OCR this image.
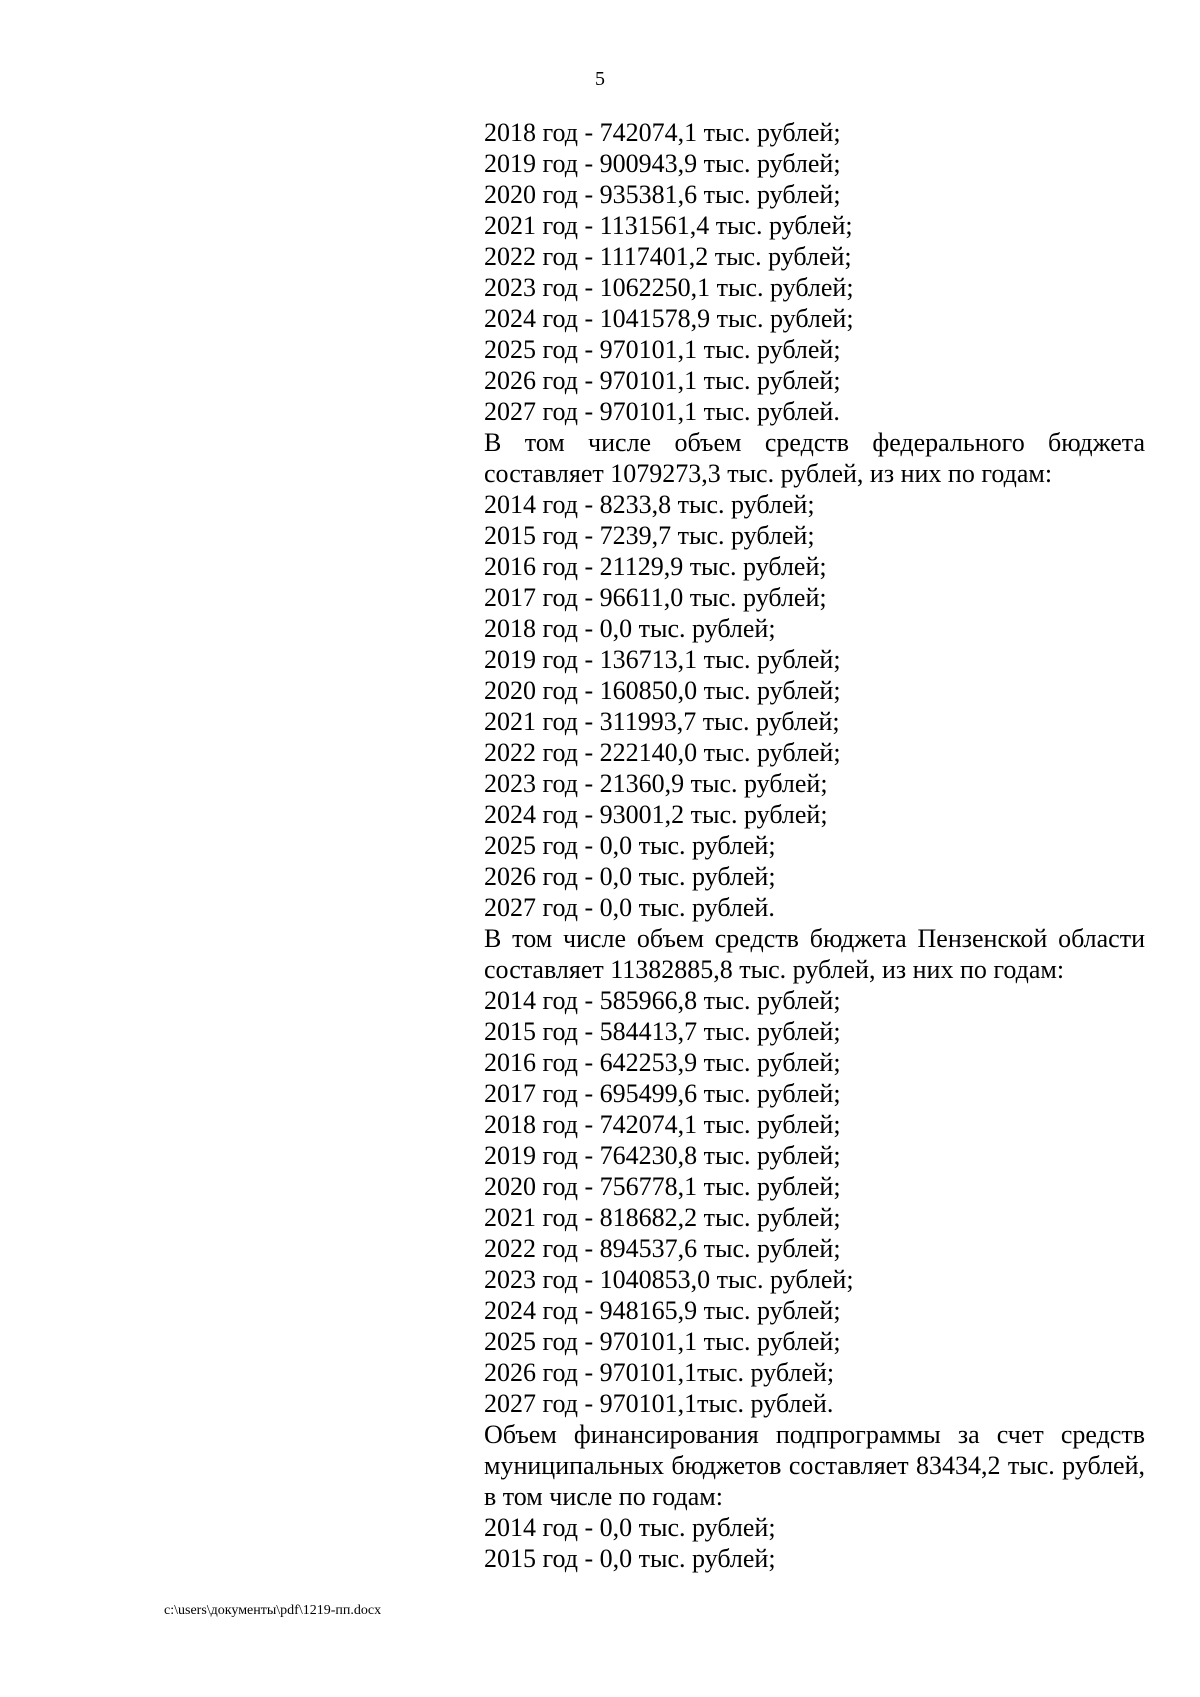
5
2018 год - 742074,1 тыс. рублей;
2019 год - 900943,9 тыс. рублей;
2020 год - 935381,6 тыс. рублей;
2021 год - 1131561,4 тыс. рублей;
2022 год - 1117401,2 тыс. рублей;
2023 год - 1062250,1 тыс. рублей;
2024 год - 1041578,9 тыс. рублей;
2025 год - 970101,1 тыс. рублей;
2026 год - 970101,1 тыс. рублей;
2027 год - 970101,1 тыс. рублей.
В том числе объем средств федерального бюджета
составляет 1079273,3 тыс. рублей, из них по годам:
2014 год - 8233,8 тыс. рублей;
2015 год - 7239,7 тыс. рублей;
2016 год - 21129,9 тыс. рублей;
2017 год - 96611,0 тыс. рублей;
2018 год - 0,0 тыс. рублей;
2019 год - 136713,1 тыс. рублей;
2020 год - 160850,0 тыс. рублей;
2021 год - 311993,7 тыс. рублей;
2022 год - 222140,0 тыс. рублей;
2023 год - 21360,9 тыс. рублей;
2024 год - 93001,2 тыс. рублей;
2025 год - 0,0 тыс. рублей;
2026 год - 0,0 тыс. рублей;
2027 год - 0,0 тыс. рублей.
В том числе объем средств бюджета Пензенской области
составляет 11382885,8 тыс. рублей, из них по годам:
2014 год - 585966,8 тыс. рублей;
2015 год - 584413,7 тыс. рублей;
2016 год - 642253,9 тыс. рублей;
2017 год - 695499,6 тыс. рублей;
2018 год - 742074,1 тыс. рублей;
2019 год - 764230,8 тыс. рублей;
2020 год - 756778,1 тыс. рублей;
2021 год - 818682,2 тыс. рублей;
2022 год - 894537,6 тыс. рублей;
2023 год - 1040853,0 тыс. рублей;
2024 год - 948165,9 тыс. рублей;
2025 год - 970101,1 тыс. рублей;
2026 год - 970101,1тыс. рублей;
2027 год - 970101,1тыс. рублей.
Объем финансирования подпрограммы за счет средств
муниципальных бюджетов составляет 83434,2 тыс. рублей,
в том числе по годам:
2014 год - 0,0 тыс. рублей;
2015 год - 0,0 тыс. рублей;
c:\users\документы\pdf\1219-пп.docx
